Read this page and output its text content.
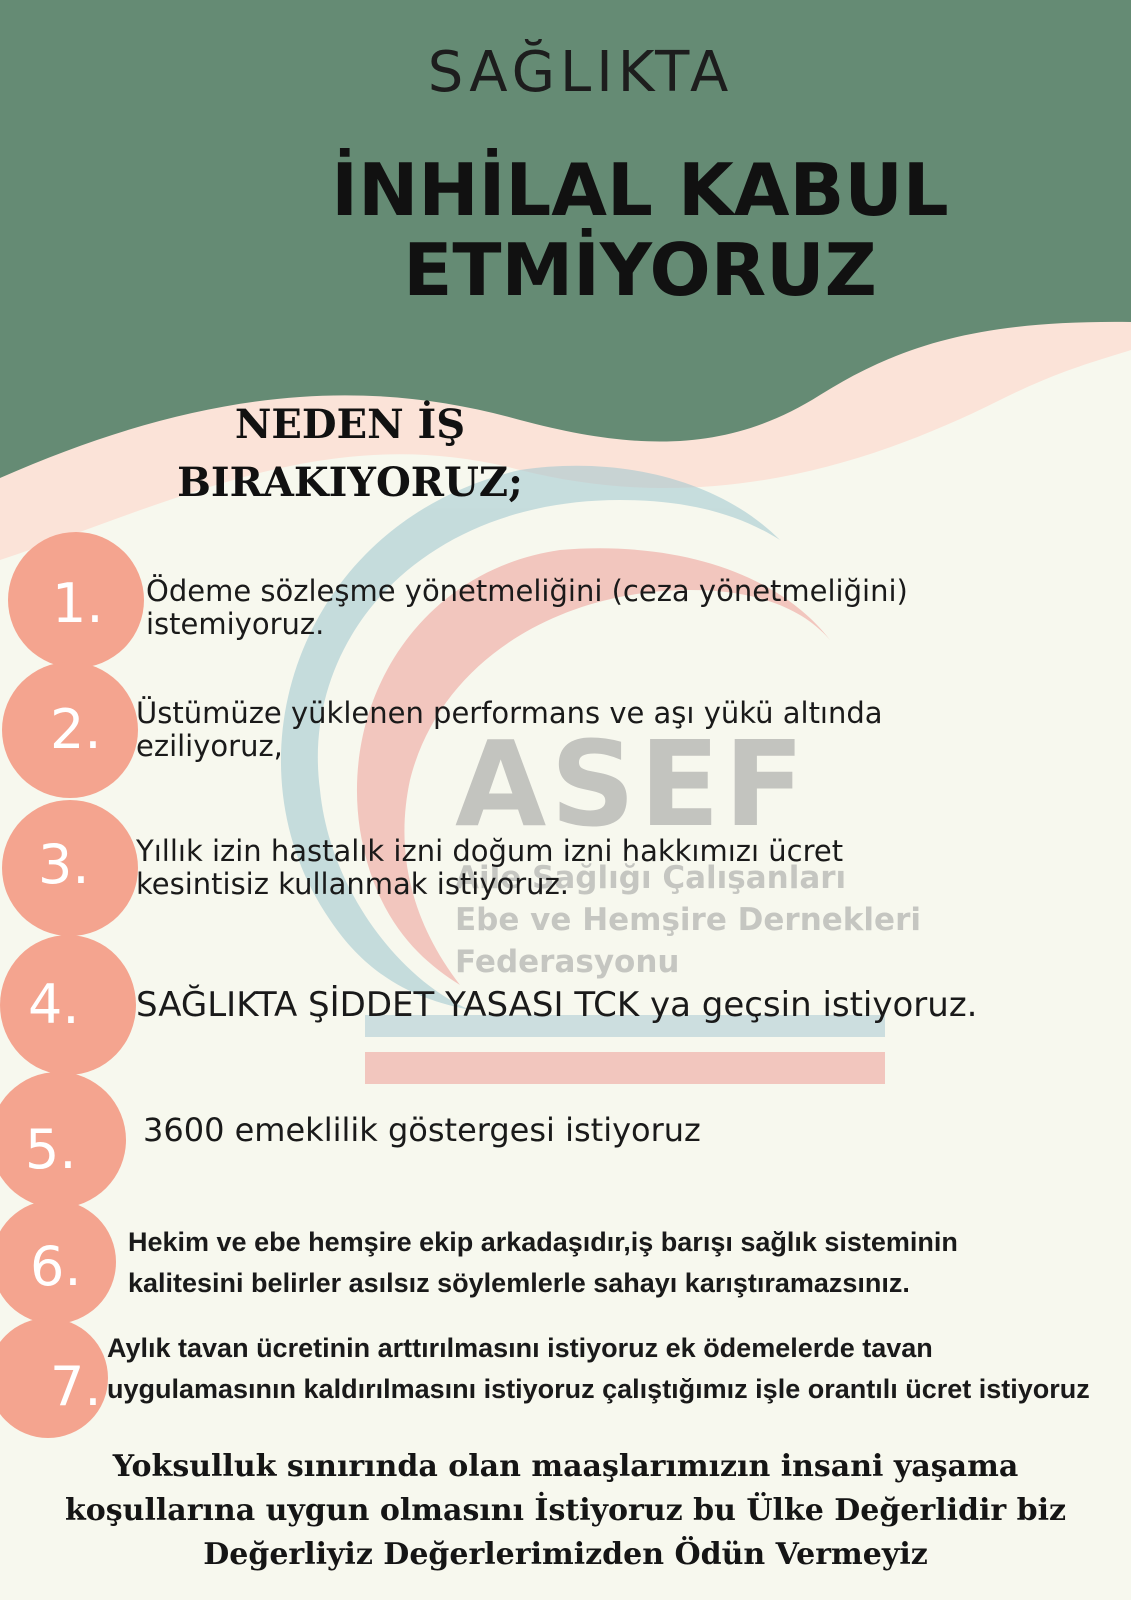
ASEF
Aile Sağlığı Çalışanları
Ebe ve Hemşire Dernekleri
Federasyonu

SAĞLIKTA

İNHİLAL KABUL ETMİYORUZ

NEDEN İŞ BIRAKIYORUZ;

1.
2.
3.
4.
5.
6.
7.

Ödeme sözleşme yönetmeliğini (ceza yönetmeliğini) istemiyoruz.

Üstümüze yüklenen performans ve aşı yükü altında eziliyoruz,

Yıllık izin hastalık izni doğum izni hakkımızı ücret kesintisiz kullanmak istiyoruz.

SAĞLIKTA ŞİDDET YASASI TCK ya geçsin istiyoruz.

3600 emeklilik göstergesi istiyoruz

Hekim ve ebe hemşire ekip arkadaşıdır,iş barışı sağlık sisteminin kalitesini belirler asılsız söylemlerle sahayı karıştıramazsınız.

Aylık tavan ücretinin arttırılmasını istiyoruz ek ödemelerde tavan uygulamasının kaldırılmasını istiyoruz çalıştığımız işle orantılı ücret istiyoruz

Yoksulluk sınırında olan maaşlarımızın insani yaşama koşullarına uygun olmasını İstiyoruz bu Ülke Değerlidir biz Değerliyiz Değerlerimizden Ödün Vermeyiz
